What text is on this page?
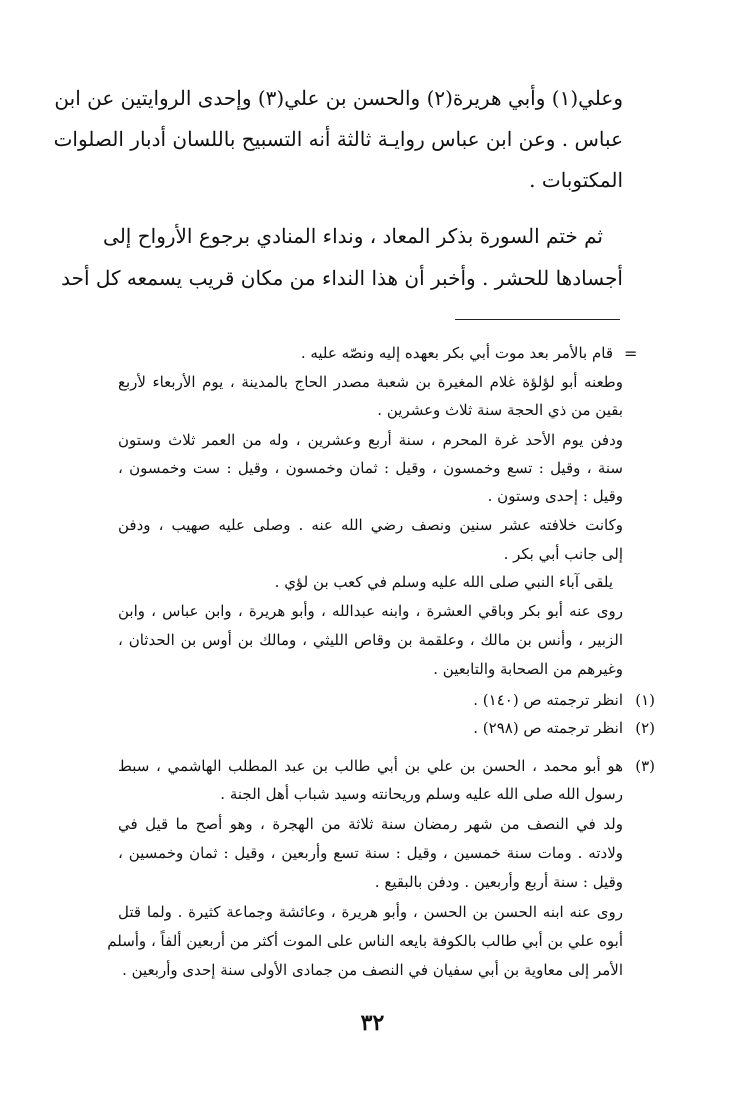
وعلي(١) وأبي هريرة(٢) والحسن بن علي(٣) وإحدى الروايتين عن ابن
عباس . وعن ابن عباس روايـة ثالثة أنه التسبيح باللسان أدبار الصلوات
المكتوبات .
ثم ختم السورة بذكر المعاد ، ونداء المنادي برجوع الأرواح إلى
أجسادها للحشر . وأخبر أن هذا النداء من مكان قريب يسمعه كل أحد
=
قام بالأمر بعد موت أبي بكر بعهده إليه ونصّه عليه .
وطعنه أبو لؤلؤة غلام المغيرة بن شعبة مصدر الحاج بالمدينة ، يوم الأربعاء لأربع
بقين من ذي الحجة سنة ثلاث وعشرين .
ودفن يوم الأحد غرة المحرم ، سنة أربع وعشرين ، وله من العمر ثلاث وستون
سنة ، وقيل : تسع وخمسون ، وقيل : ثمان وخمسون ، وقيل : ست وخمسون ،
وقيل : إحدى وستون .
وكانت خلافته عشر سنين ونصف رضي الله عنه . وصلى عليه صهيب ، ودفن
إلى جانب أبي بكر .
يلقى آباء النبي صلى الله عليه وسلم في كعب بن لؤي .
روى عنه أبو بكر وباقي العشرة ، وابنه عبدالله ، وأبو هريرة ، وابن عباس ، وابن
الزبير ، وأنس بن مالك ، وعلقمة بن وقاص الليثي ، ومالك بن أوس بن الحدثان ،
وغيرهم من الصحابة والتابعين .
(١)
انظر ترجمته ص (١٤٠) .
(٢)
انظر ترجمته ص (٢٩٨) .
(٣)
هو أبو محمد ، الحسن بن علي بن أبي طالب بن عبد المطلب الهاشمي ، سبط
رسول الله صلى الله عليه وسلم وريحانته وسيد شباب أهل الجنة .
ولد في النصف من شهر رمضان سنة ثلاثة من الهجرة ، وهو أصح ما قيل في
ولادته . ومات سنة خمسين ، وقيل : سنة تسع وأربعين ، وقيل : ثمان وخمسين ،
وقيل : سنة أربع وأربعين . ودفن بالبقيع .
روى عنه ابنه الحسن بن الحسن ، وأبو هريرة ، وعائشة وجماعة كثيرة . ولما قتل
أبوه علي بن أبي طالب بالكوفة بايعه الناس على الموت أكثر من أربعين ألفاً ، وأسلم
الأمر إلى معاوية بن أبي سفيان في النصف من جمادى الأولى سنة إحدى وأربعين .
٣٢
